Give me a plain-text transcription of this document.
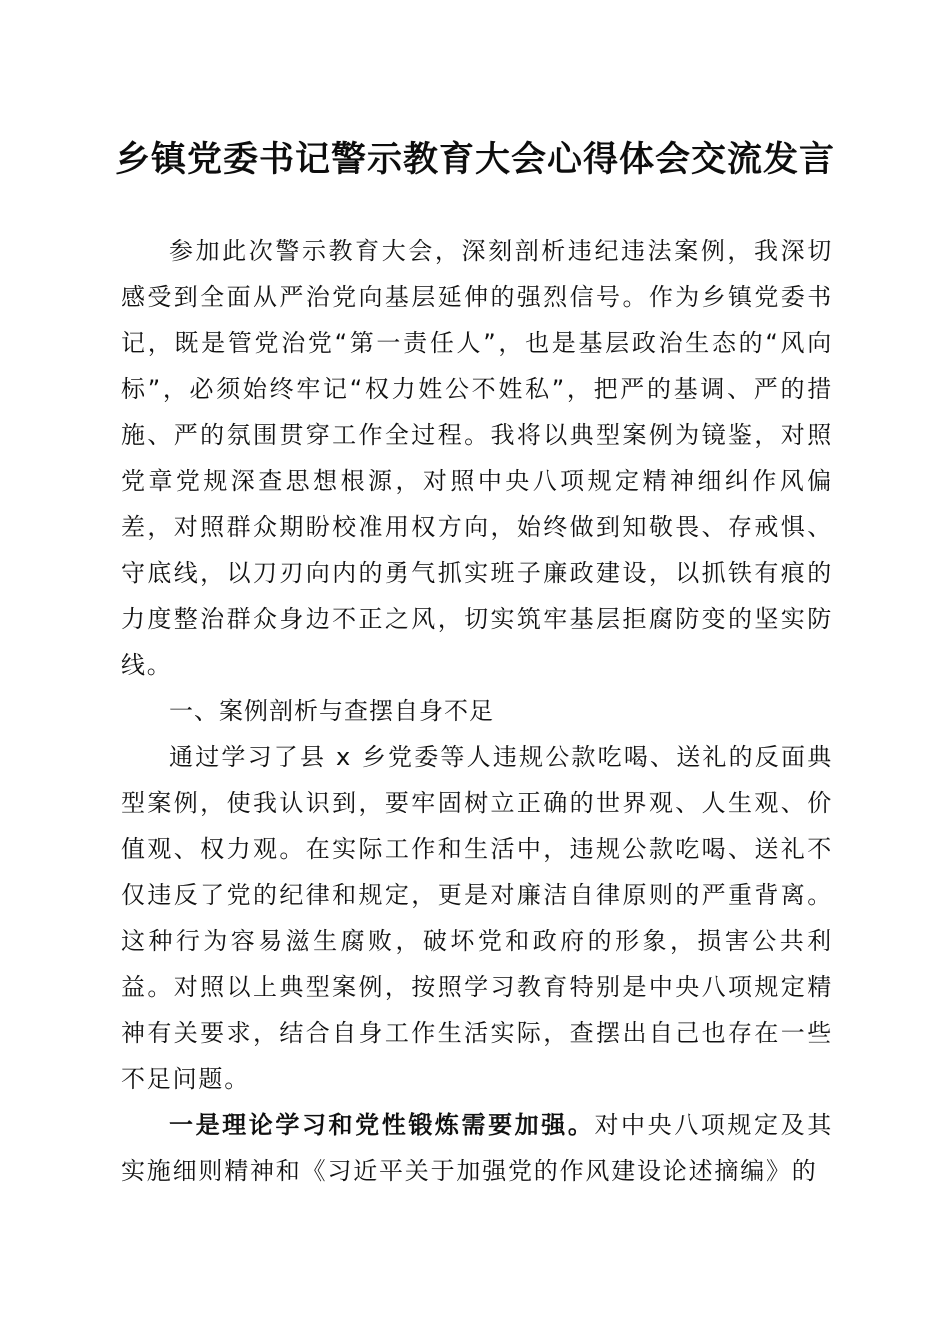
乡镇党委书记警示教育大会心得体会交流发言

参加此次警示教育大会，深刻剖析违纪违法案例，我深切感受到全面从严治党向基层延伸的强烈信号。作为乡镇党委书记，既是管党治党“第一责任人”，也是基层政治生态的“风向标”，必须始终牢记“权力姓公不姓私”，把严的基调、严的措施、严的氛围贯穿工作全过程。我将以典型案例为镜鉴，对照党章党规深查思想根源，对照中央八项规定精神细纠作风偏差，对照群众期盼校准用权方向，始终做到知敬畏、存戒惧、守底线，以刀刃向内的勇气抓实班子廉政建设，以抓铁有痕的力度整治群众身边不正之风，切实筑牢基层拒腐防变的坚实防线。

一、案例剖析与查摆自身不足

通过学习了县 x 乡党委等人违规公款吃喝、送礼的反面典型案例，使我认识到，要牢固树立正确的世界观、人生观、价值观、权力观。在实际工作和生活中，违规公款吃喝、送礼不仅违反了党的纪律和规定，更是对廉洁自律原则的严重背离。这种行为容易滋生腐败，破坏党和政府的形象，损害公共利益。对照以上典型案例，按照学习教育特别是中央八项规定精神有关要求，结合自身工作生活实际，查摆出自己也存在一些不足问题。

一是理论学习和党性锻炼需要加强。对中央八项规定及其实施细则精神和《习近平关于加强党的作风建设论述摘编》的
